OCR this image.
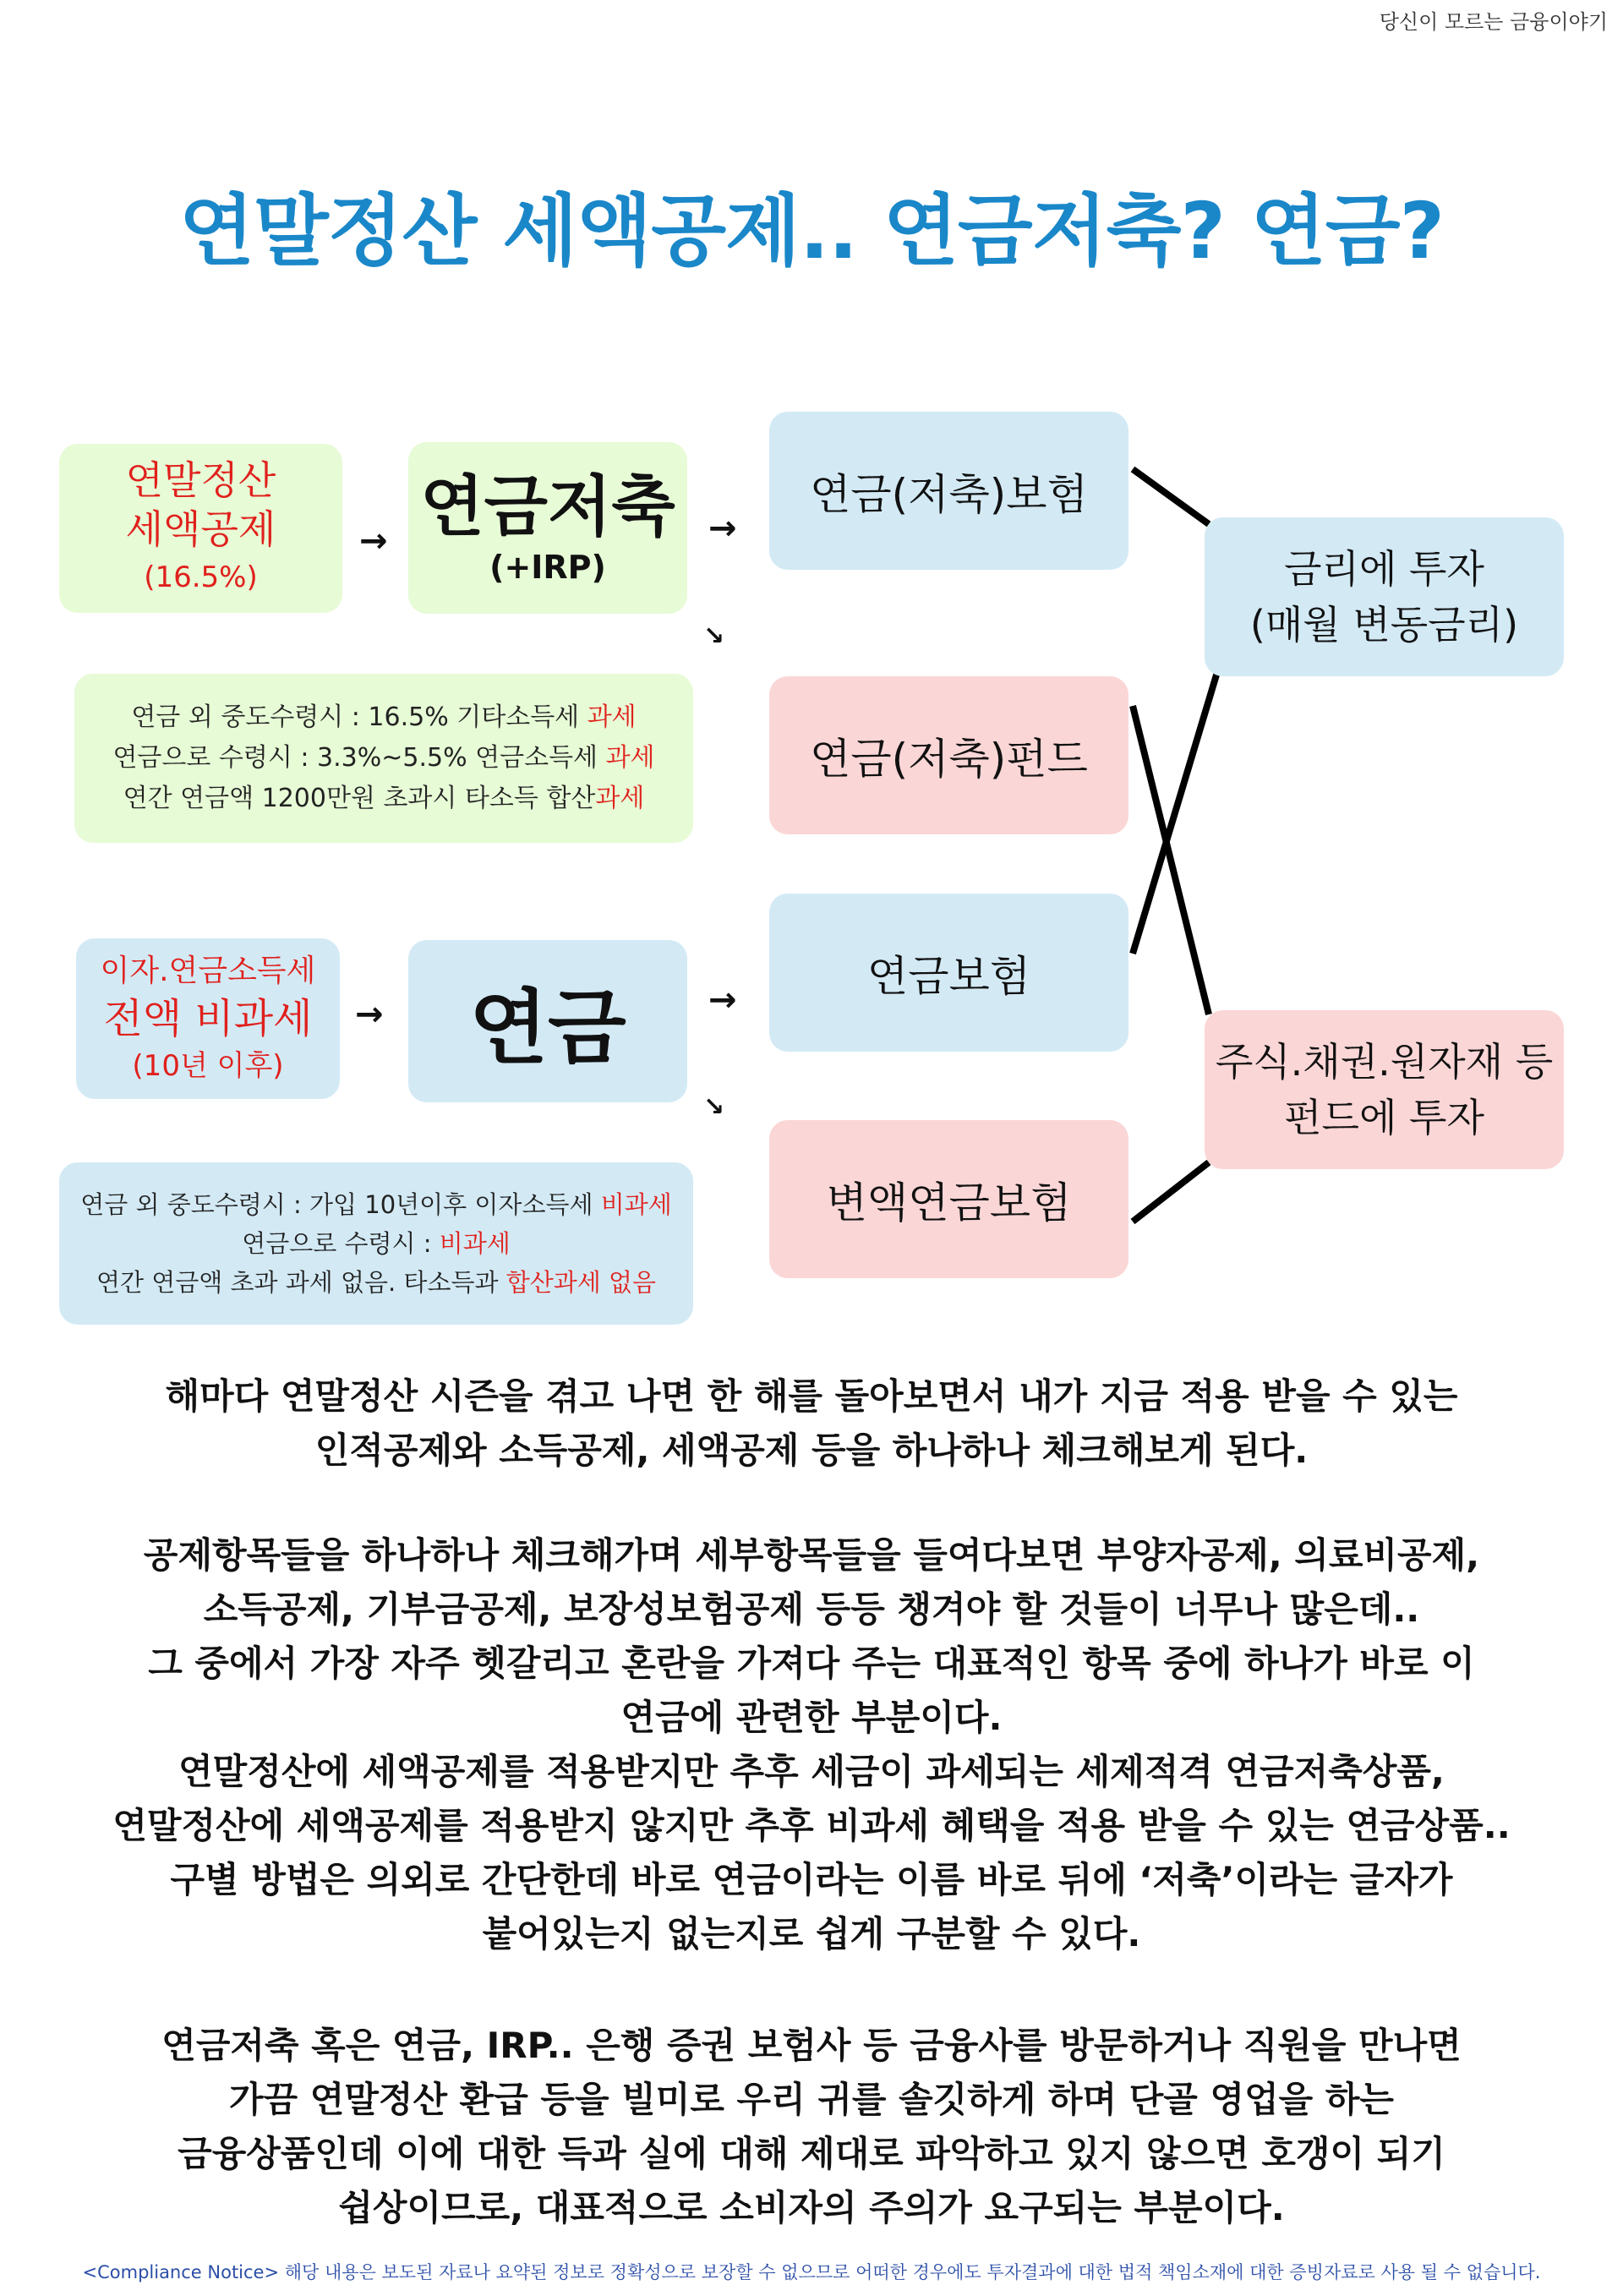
당신이 모르는 금융이야기
연말정산 세액공제.. 연금저축? 연금?
연말정산
세액공제
(16.5%)
→ 연금저축
(+IRP)
→
↘
연금 외 중도수령시 : 16.5% 기타소득세 과세
연금으로 수령시 : 3.3%~5.5% 연금소득세 과세
연간 연금액 1200만원 초과시 타소득 합산과세
연금(저축)보험
연금(저축)펀드
연금보험
변액연금보험
금리에 투자
(매월 변동금리)
주식.채권.원자재 등
펀드에 투자
이자.연금소득세
전액 비과세
(10년 이후)
→ 연금 →
↘
연금 외 중도수령시 : 가입 10년이후 이자소득세 비과세
연금으로 수령시 : 비과세
연간 연금액 초과 과세 없음. 타소득과 합산과세 없음
해마다 연말정산 시즌을 겪고 나면 한 해를 돌아보면서 내가 지금 적용 받을 수 있는
인적공제와 소득공제, 세액공제 등을 하나하나 체크해보게 된다.
공제항목들을 하나하나 체크해가며 세부항목들을 들여다보면 부양자공제, 의료비공제,
소득공제, 기부금공제, 보장성보험공제 등등 챙겨야 할 것들이 너무나 많은데..
그 중에서 가장 자주 헷갈리고 혼란을 가져다 주는 대표적인 항목 중에 하나가 바로 이
연금에 관련한 부분이다.
연말정산에 세액공제를 적용받지만 추후 세금이 과세되는 세제적격 연금저축상품,
연말정산에 세액공제를 적용받지 않지만 추후 비과세 혜택을 적용 받을 수 있는 연금상품..
구별 방법은 의외로 간단한데 바로 연금이라는 이름 바로 뒤에 ‘저축’이라는 글자가
붙어있는지 없는지로 쉽게 구분할 수 있다.
연금저축 혹은 연금, IRP.. 은행 증권 보험사 등 금융사를 방문하거나 직원을 만나면
가끔 연말정산 환급 등을 빌미로 우리 귀를 솔깃하게 하며 단골 영업을 하는
금융상품인데 이에 대한 득과 실에 대해 제대로 파악하고 있지 않으면 호갱이 되기
쉽상이므로, 대표적으로 소비자의 주의가 요구되는 부분이다.
<Compliance Notice> 해당 내용은 보도된 자료나 요약된 정보로 정확성으로 보장할 수 없으므로 어떠한 경우에도 투자결과에 대한 법적 책임소재에 대한 증빙자료로 사용 될 수 없습니다.
